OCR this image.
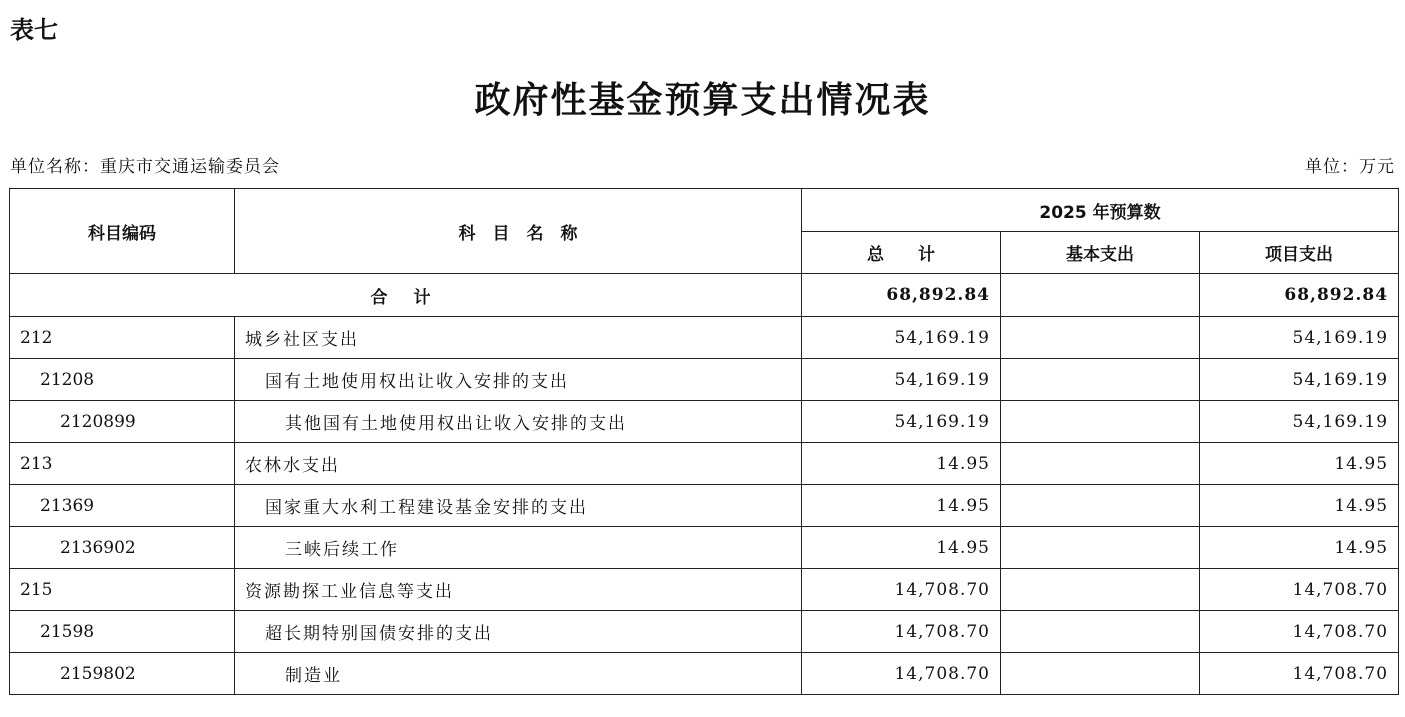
表七
政府性基金预算支出情况表
单位名称：重庆市交通运输委员会	单位：万元
科目编码	科　目　名　称	2025 年预算数		
		总　　计	基本支出	项目支出
合 计		68,892.84		68,892.84
212	城乡社区支出	54,169.19		54,169.19
21208	国有土地使用权出让收入安排的支出	54,169.19		54,169.19
2120899	其他国有土地使用权出让收入安排的支出	54,169.19		54,169.19
213	农林水支出	14.95		14.95
21369	国家重大水利工程建设基金安排的支出	14.95		14.95
2136902	三峡后续工作	14.95		14.95
215	资源勘探工业信息等支出	14,708.70		14,708.70
21598	超长期特别国债安排的支出	14,708.70		14,708.70
2159802	制造业	14,708.70		14,708.70
